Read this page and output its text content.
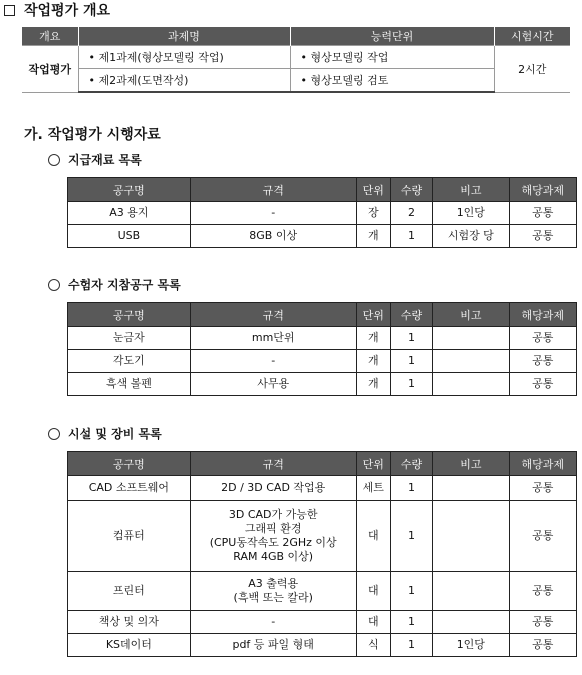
작업평가 개요
개요	과제명	능력단위	시험시간
작업평가	• 제1과제(형상모델링 작업)	• 형상모델링 작업	2시간
	• 제2과제(도면작성)	• 형상모델링 검토	
가. 작업평가 시행자료
지급재료 목록
공구명	규격	단위	수량	비고	해당과제
A3 용지	-	장	2	1인당	공통
USB	8GB 이상	개	1	시험장 당	공통
수험자 지참공구 목록
공구명	규격	단위	수량	비고	해당과제
눈금자	mm단위	개	1		공통
각도기	-	개	1		공통
흑색 볼펜	사무용	개	1		공통
시설 및 장비 목록
공구명	규격	단위	수량	비고	해당과제
CAD 소프트웨어	2D / 3D CAD 작업용	세트	1		공통
컴퓨터	3D CAD가 가능한
그래픽 환경
(CPU동작속도 2GHz 이상
RAM 4GB 이상)	대	1		공통
프린터	A3 출력용
(흑백 또는 칼라)	대	1		공통
책상 및 의자	-	대	1		공통
KS데이터	pdf 등 파일 형태	식	1	1인당	공통
